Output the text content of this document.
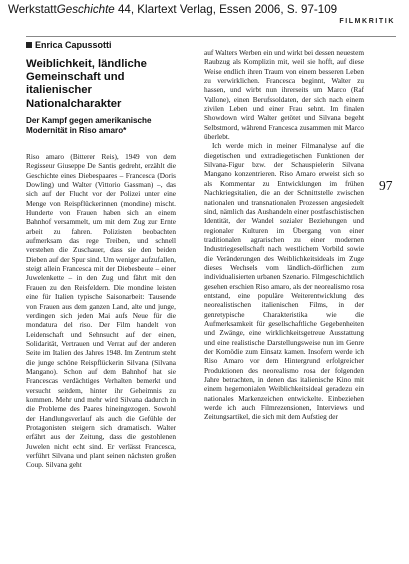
WerkstattGeschichte 44, Klartext Verlag, Essen 2006, S. 97-109
FILMKRITIK
Enrica Capussotti
Weiblichkeit, ländliche Gemeinschaft und italienischer Nationalcharakter
Der Kampf gegen amerikanische Modernität in Riso amaro*

Riso amaro (Bitterer Reis), 1949 von dem Regisseur Giuseppe De Santis gedreht, erzählt die Geschichte eines Diebespaares – Francesca (Doris Dowling) und Walter (Vittorio Gassman) –, das sich auf der Flucht vor der Polizei unter eine Menge von Reispflückerinnen (mondine) mischt. Hunderte von Frauen haben sich an einem Bahnhof versammelt, um mit dem Zug zur Ernte arbeit zu fahren. Polizisten beobachten aufmerksam das rege Treiben, und schnell verstehen die Zuschauer, dass sie den beiden Dieben auf der Spur sind. Um weniger aufzufallen, steigt allein Francesca mit der Diebesbeute – einer Juwelenkette – in den Zug und fährt mit den Frauen zu den Reisfeldern. Die mondine leisten eine für Italien typische Saisonarbeit: Tausende von Frauen aus dem ganzen Land, alte und junge, verdingen sich jeden Mai aufs Neue für die mondatura del riso. Der Film handelt von Leidenschaft und Sehnsucht auf der einen, Solidarität, Vertrauen und Verrat auf der anderen Seite im Italien des Jahres 1948. Im Zentrum steht die junge schöne Reispflückerin Silvana (Silvana Mangano). Schon auf dem Bahnhof hat sie Francescas verdächtiges Verhalten bemerkt und versucht seitdem, hinter ihr Geheimnis zu kommen. Mehr und mehr wird Silvana dadurch in die Probleme des Paares hineingezogen. Sowohl der Handlungsverlauf als auch die Gefühle der Protagonisten steigern sich dramatisch. Walter erfährt aus der Zeitung, dass die gestohlenen Juwelen nicht echt sind. Er verlässt Francesca, verführt Silvana und plant seinen nächsten großen Coup. Silvana geht

auf Walters Werben ein und wirkt bei dessen neuestem Raubzug als Komplizin mit, weil sie hofft, auf diese Weise endlich ihren Traum von einem besseren Leben zu verwirklichen. Francesca beginnt, Walter zu hassen, und wirbt nun ihrerseits um Marco (Raf Vallone), einen Berufssoldaten, der sich nach einem zivilen Leben und einer Frau sehnt. Im finalen Showdown wird Walter getötet und Silvana begeht Selbstmord, während Francesca zusammen mit Marco überlebt.

Ich werde mich in meiner Filmanalyse auf die diegetischen und extradiegetischen Funktionen der Silvana-Figur bzw. der Schauspielerin Silvana Mangano konzentrieren. Riso Amaro erweist sich so als Kommentar zu Entwicklungen im frühen Nachkriegsitalien, die an der Schnittstelle zwischen nationalen und transnationalen Prozessen angesiedelt sind, nämlich das Aushandeln einer postfaschistischen Identität, der Wandel sozialer Beziehungen und regionaler Kulturen im Übergang von einer traditionalen agrarischen zu einer modernen Industriegesellschaft nach westlichem Vorbild sowie die Veränderungen des Weiblichkeitsideals im Zuge dieses Wechsels vom ländlich-dörflichen zum individualisierten urbanen Szenario. Filmgeschichtlich gesehen erschien Riso amaro, als der neorealismo rosa entstand, eine populäre Weiterentwicklung des neorealistischen italienischen Films, in der genretypische Charakteristika wie die Aufmerksamkeit für gesellschaftliche Gegebenheiten und Zwänge, eine wirklichkeitsgetreue Ausstattung und eine realistische Darstellungsweise nun im Genre der Komödie zum Einsatz kamen. Insofern werde ich Riso Amaro vor dem Hintergrund erfolgreicher Produktionen des neorealismo rosa der folgenden Jahre betrachten, in denen das italienische Kino mit einem hegemonialen Weiblichkeitsideal geradezu ein nationales Markenzeichen entwickelte. Einbeziehen werde ich auch Filmrezensionen, Interviews und Zeitungsartikel, die sich mit dem Aufstieg der

97
